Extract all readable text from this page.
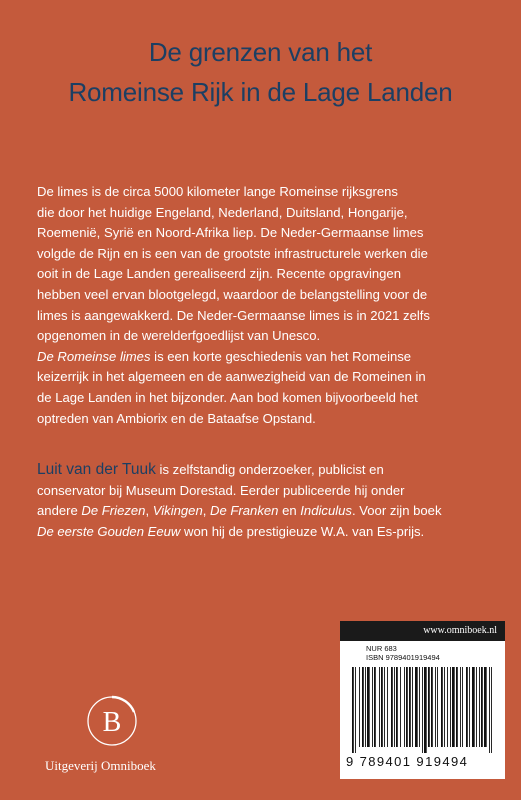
De grenzen van het
Romeinse Rijk in de Lage Landen

De limes is de circa 5000 kilometer lange Romeinse rijksgrens
die door het huidige Engeland, Nederland, Duitsland, Hongarije,
Roemenië, Syrië en Noord-Afrika liep. De Neder-Germaanse limes
volgde de Rijn en is een van de grootste infrastructurele werken die
ooit in de Lage Landen gerealiseerd zijn. Recente opgravingen
hebben veel ervan blootgelegd, waardoor de belangstelling voor de
limes is aangewakkerd. De Neder-Germaanse limes is in 2021 zelfs
opgenomen in de werelderfgoedlijst van Unesco.

De Romeinse limes is een korte geschiedenis van het Romeinse
keizerrijk in het algemeen en de aanwezigheid van de Romeinen in
de Lage Landen in het bijzonder. Aan bod komen bijvoorbeeld het
optreden van Ambiorix en de Bataafse Opstand.

Luit van der Tuuk is zelfstandig onderzoeker, publicist en
conservator bij Museum Dorestad. Eerder publiceerde hij onder
andere De Friezen, Vikingen, De Franken en Indiculus. Voor zijn boek
De eerste Gouden Eeuw won hij de prestigieuze W.A. van Es-prijs.
B
Uitgeverij Omniboek
www.omniboek.nl
NUR 683
ISBN 9789401919494
9 789401 919494
